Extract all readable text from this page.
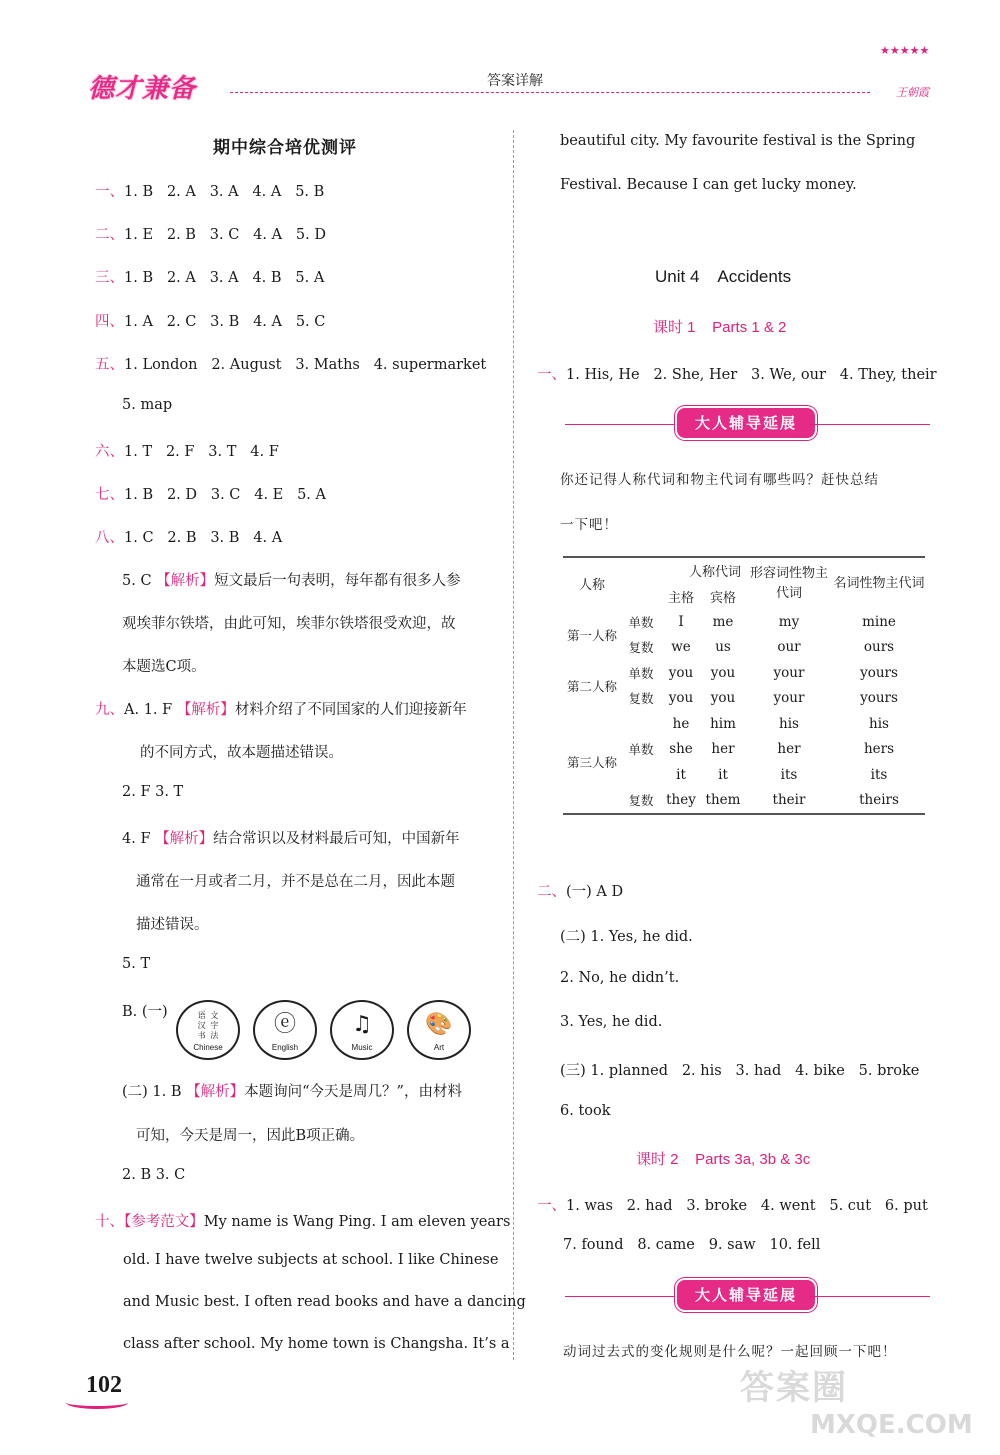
德才兼备	答案详解
★★★★★
王朝霞
期中综合培优测评
一、1. B 2. A 3. A 4. A 5. B
二、1. E 2. B 3. C 4. A 5. D
三、1. B 2. A 3. A 4. B 5. A
四、1. A 2. C 3. B 4. A 5. C
五、1. London 2. August 3. Maths 4. supermarket
5. map
六、1. T 2. F 3. T 4. F
七、1. B 2. D 3. C 4. E 5. A
八、1. C 2. B 3. B 4. A
5. C 【解析】短文最后一句表明，每年都有很多人参
观埃菲尔铁塔，由此可知，埃菲尔铁塔很受欢迎，故
本题选C项。
九、A. 1. F 【解析】材料介绍了不同国家的人们迎接新年
的不同方式，故本题描述错误。
2. F 3. T
4. F 【解析】结合常识以及材料最后可知，中国新年
通常在一月或者二月，并不是总在二月，因此本题
描述错误。
5. T
B. (一)	语 文
汉 字
书 法
Chinese
ⓔ
English
♫
Music
🎨
Art
(二) 1. B 【解析】本题询问“今天是周几？”，由材料
可知，今天是周一，因此B项正确。
2. B 3. C
十、【参考范文】My name is Wang Ping. I am eleven years
old. I have twelve subjects at school. I like Chinese
and Music best. I often read books and have a dancing
class after school. My home town is Changsha. It’s a
beautiful city. My favourite festival is the Spring
Festival. Because I can get lucky money.
Unit 4    Accidents
课时 1    Parts 1 & 2
一、1. His, He 2. She, Her 3. We, our 4. They, their
大人辅导延展
你还记得人称代词和物主代词有哪些吗？赶快总结
一下吧！
人称	人称代词			形容词性物主代词	名词性物主代词
		主格	宾格		
第一人称	单数	I	me	my	mine
	复数	we	us	our	ours
第二人称	单数	you	you	your	yours
	复数	you	you	your	yours
第三人称	单数	he	him	his	his
		she	her	her	hers
		it	it	its	its
	复数	they	them	their	theirs
二、(一) A D
(二) 1. Yes, he did.
2. No, he didn’t.
3. Yes, he did.
(三) 1. planned 2. his 3. had 4. bike 5. broke
6. took
课时 2    Parts 3a, 3b & 3c
一、1. was 2. had 3. broke 4. went 5. cut 6. put
7. found 8. came 9. saw 10. fell
大人辅导延展
动词过去式的变化规则是什么呢？一起回顾一下吧！
102	答案圈
MXQE.COM
